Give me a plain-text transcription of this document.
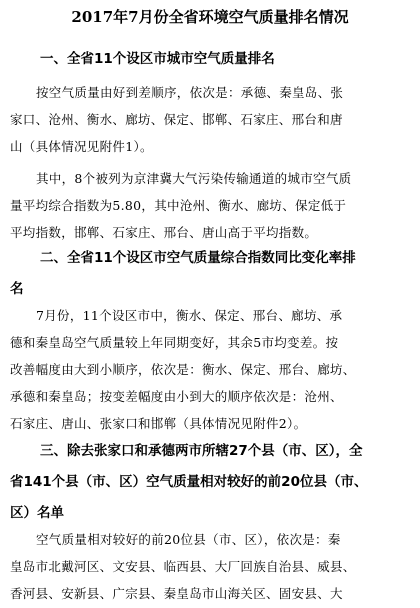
2017年7月份全省环境空气质量排名情况
一、全省11个设区市城市空气质量排名
按空气质量由好到差顺序，依次是：承德、秦皇岛、张
家口、沧州、衡水、廊坊、保定、邯郸、石家庄、邢台和唐
山（具体情况见附件1）。
其中，8个被列为京津冀大气污染传输通道的城市空气质
量平均综合指数为5.80，其中沧州、衡水、廊坊、保定低于
平均指数，邯郸、石家庄、邢台、唐山高于平均指数。
二、全省11个设区市空气质量综合指数同比变化率排
名
7月份，11个设区市中，衡水、保定、邢台、廊坊、承
德和秦皇岛空气质量较上年同期变好，其余5市均变差。按
改善幅度由大到小顺序，依次是：衡水、保定、邢台、廊坊、
承德和秦皇岛；按变差幅度由小到大的顺序依次是：沧州、
石家庄、唐山、张家口和邯郸（具体情况见附件2）。
三、除去张家口和承德两市所辖27个县（市、区），全
省141个县（市、区）空气质量相对较好的前20位县（市、
区）名单
空气质量相对较好的前20位县（市、区），依次是：秦
皇岛市北戴河区、文安县、临西县、大厂回族自治县、威县、
香河县、安新县、广宗县、秦皇岛市山海关区、固安县、大
